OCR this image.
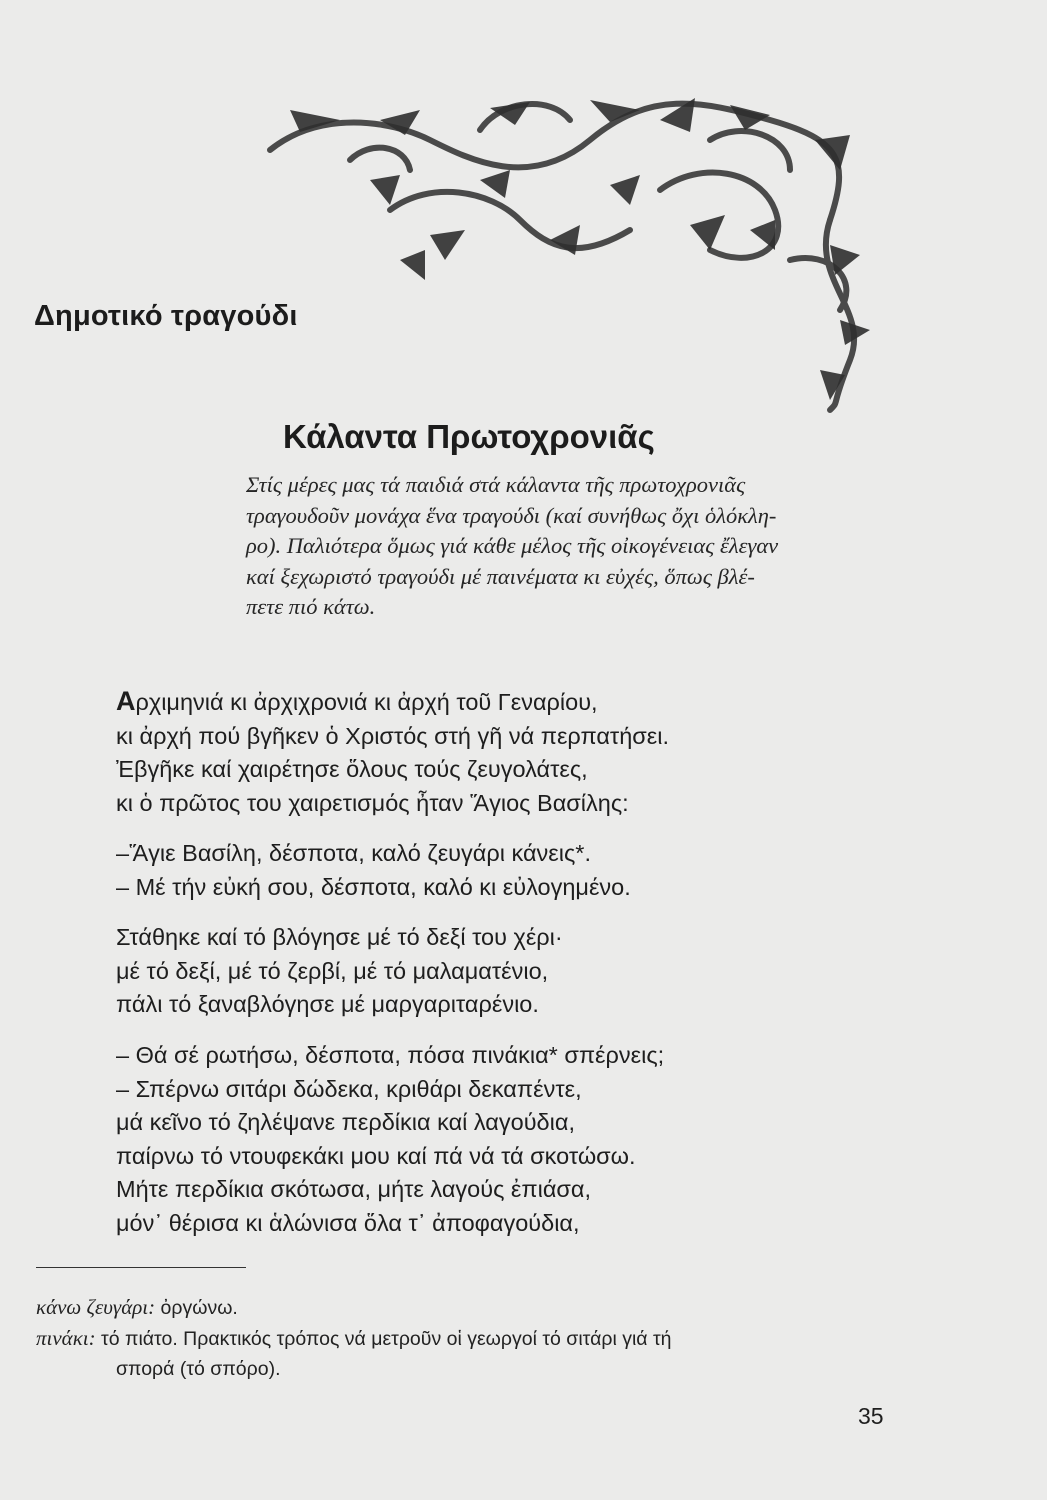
Δημοτικό τραγούδι
Κάλαντα Πρωτοχρονιᾶς
Στίς μέρες μας τά παιδιά στά κάλαντα τῆς πρωτοχρονιᾶς
τραγουδοῦν μονάχα ἕνα τραγούδι (καί συνήθως ὄχι ὁλόκλη-
ρο). Παλιότερα ὅμως γιά κάθε μέλος τῆς οἰκογένειας ἔλεγαν
καί ξεχωριστό τραγούδι μέ παινέματα κι εὐχές, ὅπως βλέ-
πετε πιό κάτω.
Αρχιμηνιά κι ἀρχιχρονιά κι ἀρχή τοῦ Γεναρίου,
κι ἀρχή πού βγῆκεν ὁ Χριστός στή γῆ νά περπατήσει.
Ἐβγῆκε καί χαιρέτησε ὅλους τούς ζευγολάτες,
κι ὁ πρῶτος του χαιρετισμός ἦταν Ἅγιος Βασίλης:
–Ἅγιε Βασίλη, δέσποτα, καλό ζευγάρι κάνεις*.
– Μέ τήν εὐκή σου, δέσποτα, καλό κι εὐλογημένο.
Στάθηκε καί τό βλόγησε μέ τό δεξί του χέρι·
μέ τό δεξί, μέ τό ζερβί, μέ τό μαλαματένιο,
πάλι τό ξαναβλόγησε μέ μαργαριταρένιο.
– Θά σέ ρωτήσω, δέσποτα, πόσα πινάκια* σπέρνεις;
– Σπέρνω σιτάρι δώδεκα, κριθάρι δεκαπέντε,
μά κεῖνο τό ζηλέψανε περδίκια καί λαγούδια,
παίρνω τό ντουφεκάκι μου καί πά νά τά σκοτώσω.
Μήτε περδίκια σκότωσα, μήτε λαγούς ἐπιάσα,
μόν᾿ θέρισα κι ἁλώνισα ὅλα τ᾿ ἀποφαγούδια,
κάνω ζευγάρι: ὀργώνω.
πινάκι: τό πιάτο. Πρακτικός τρόπος νά μετροῦν οἱ γεωργοί τό σιτάρι γιά τή
σπορά (τό σπόρο).
35
